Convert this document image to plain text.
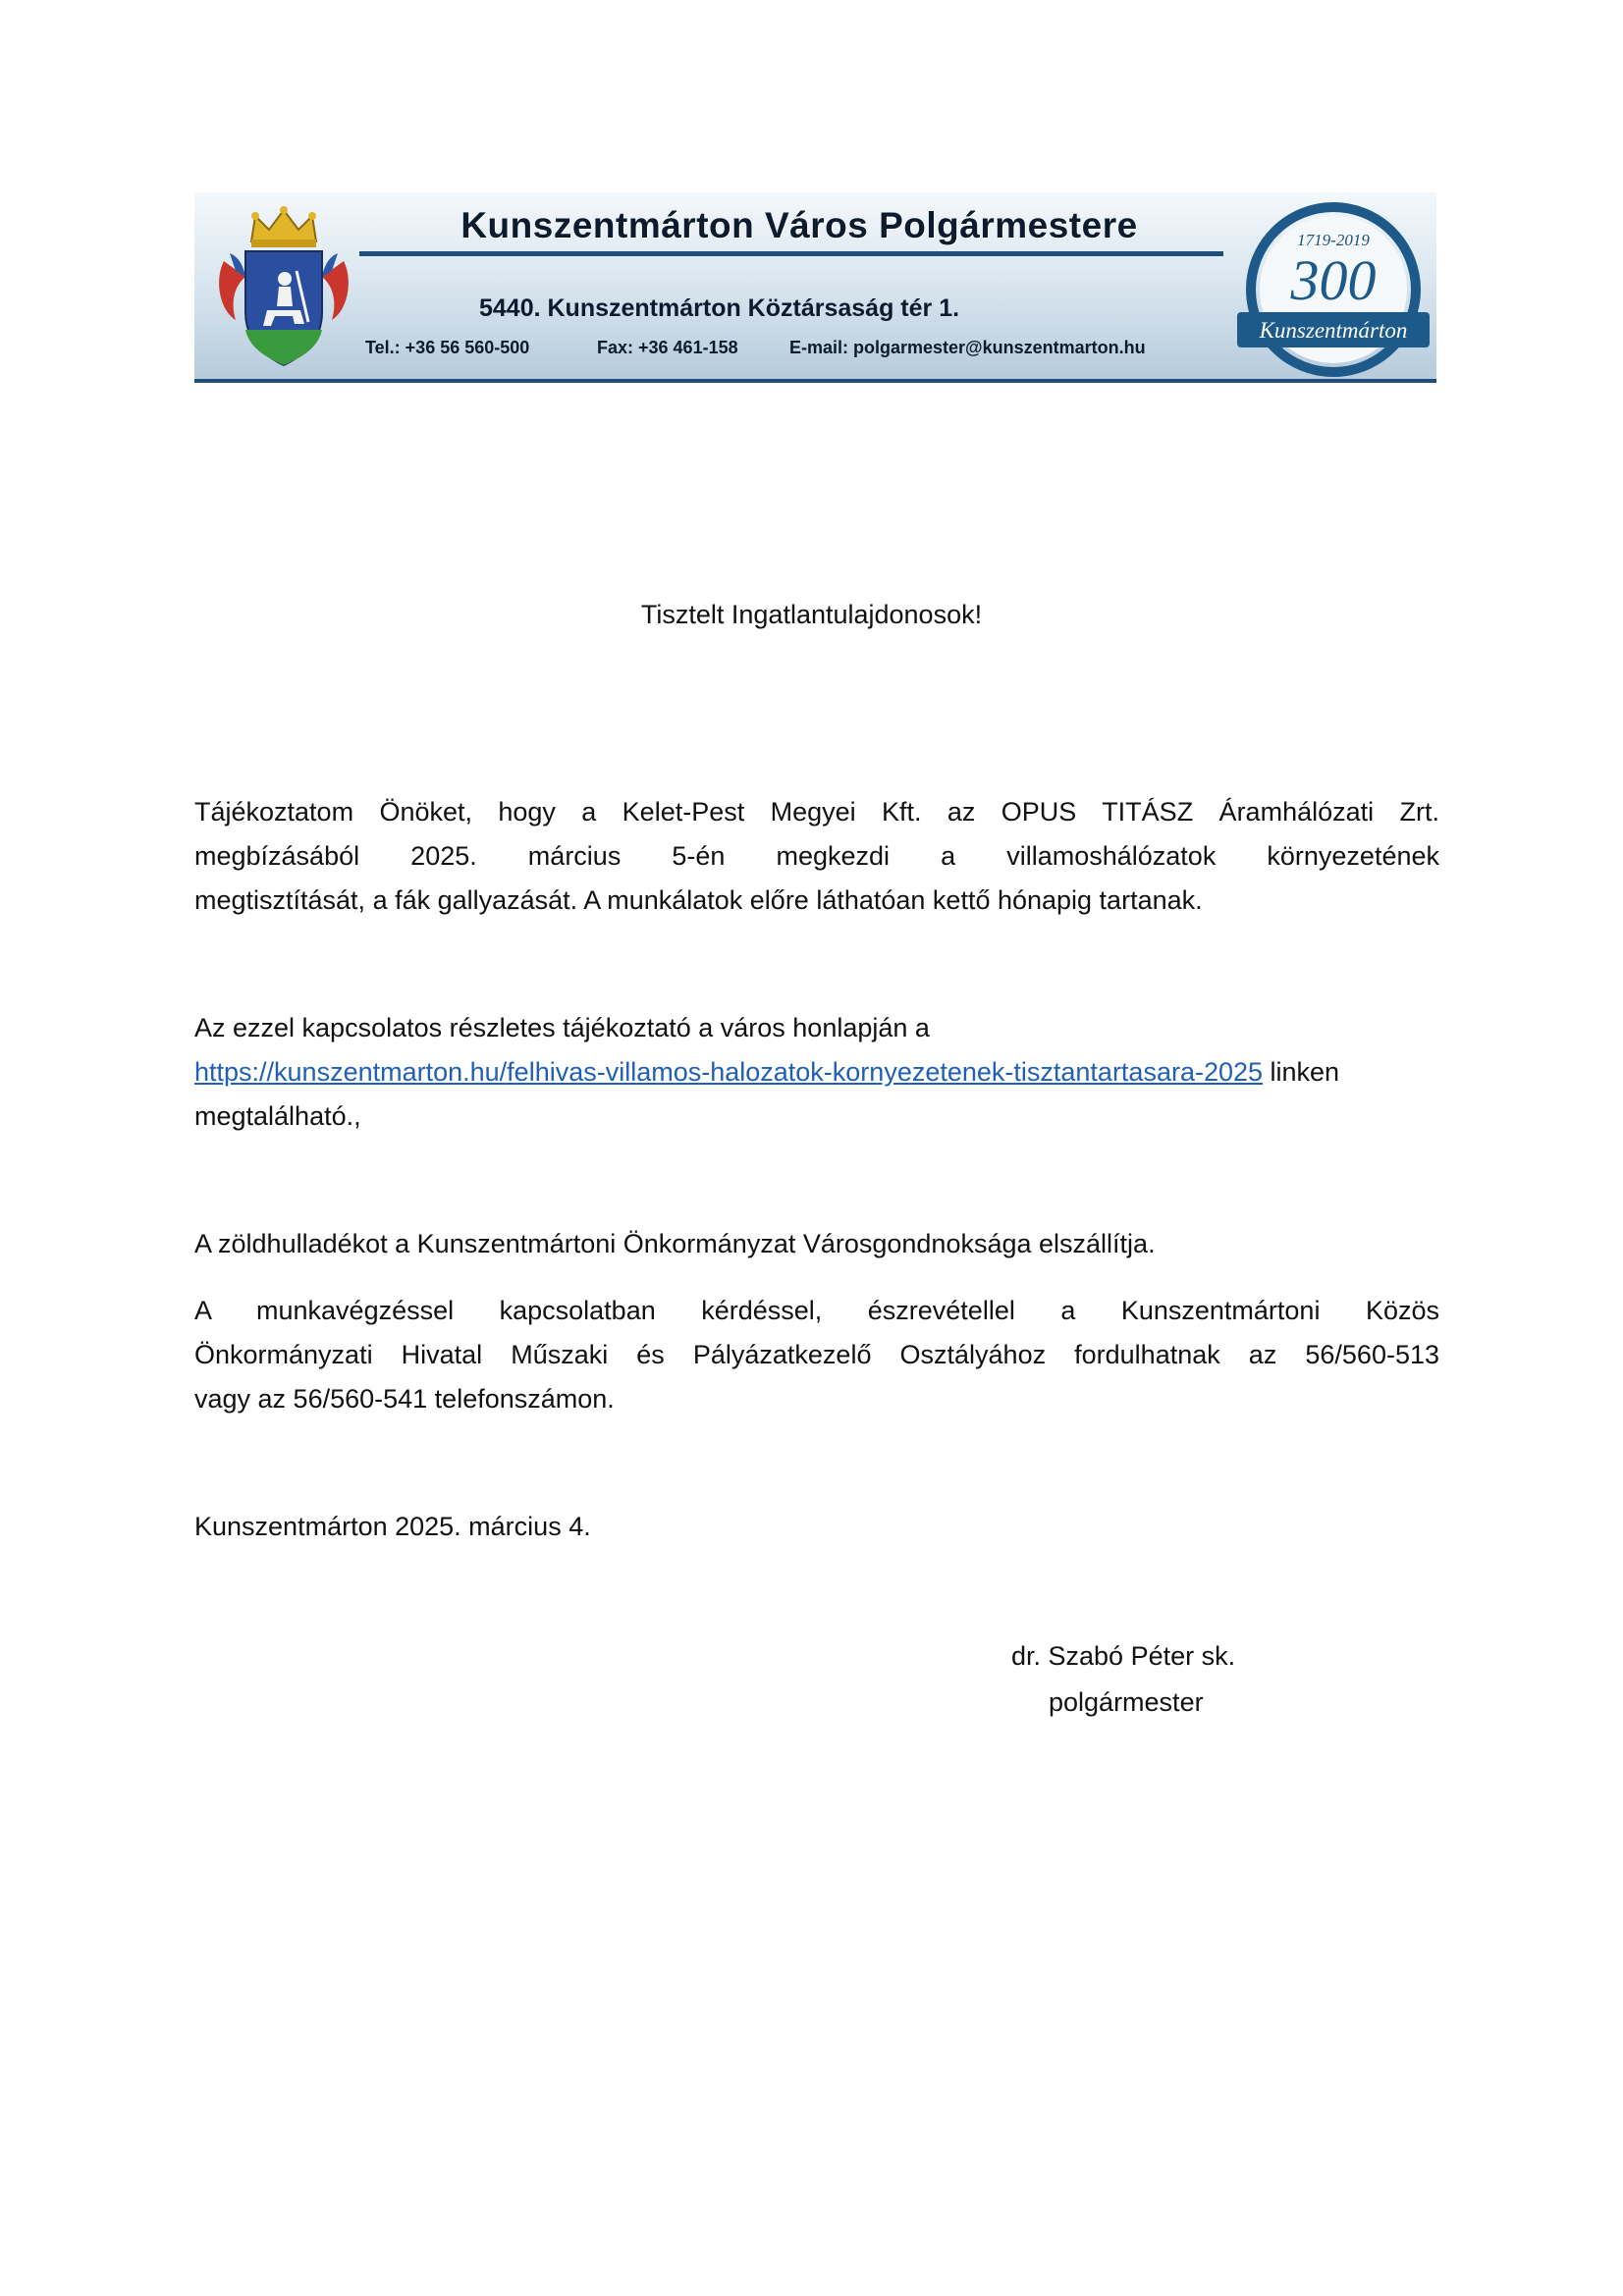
Kunszentmárton Város Polgármestere
5440. Kunszentmárton Köztársaság tér 1.
Tel.: +36 56 560-500	Fax: +36 461-158	E-mail: polgarmester@kunszentmarton.hu
1719-2019
300
Kunszentmárton
Tisztelt Ingatlantulajdonosok!
Tájékoztatom Önöket, hogy a Kelet-Pest Megyei Kft. az OPUS TITÁSZ Áramhálózati Zrt.
megbízásából 2025. március 5-én megkezdi a villamoshálózatok környezetének
megtisztítását, a fák gallyazását. A munkálatok előre láthatóan kettő hónapig tartanak.
Az ezzel kapcsolatos részletes tájékoztató a város honlapján a
https://kunszentmarton.hu/felhivas-villamos-halozatok-kornyezetenek-tisztantartasara-2025 linken
megtalálható.,
A zöldhulladékot a Kunszentmártoni Önkormányzat Városgondnoksága elszállítja.
A munkavégzéssel kapcsolatban kérdéssel, észrevétellel a Kunszentmártoni Közös
Önkormányzati Hivatal Műszaki és Pályázatkezelő Osztályához fordulhatnak az 56/560-513
vagy az 56/560-541 telefonszámon.
Kunszentmárton 2025. március 4.
dr. Szabó Péter sk.
polgármester
